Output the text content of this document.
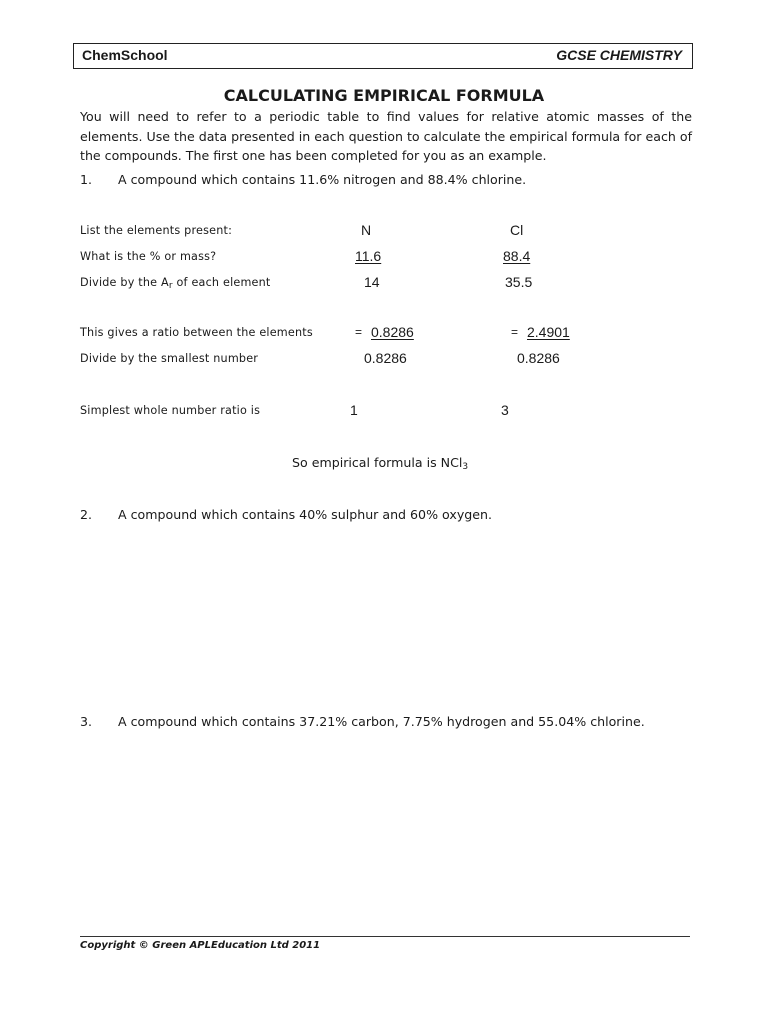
ChemSchool	GCSE CHEMISTRY
CALCULATING EMPIRICAL FORMULA
You will need to refer to a periodic table to find values for relative atomic masses of the elements. Use the data presented in each question to calculate the empirical formula for each of the compounds. The first one has been completed for you as an example.
1. A compound which contains 11.6% nitrogen and 88.4% chlorine.
List the elements present:	N	Cl
What is the % or mass?	11.6	88.4
Divide by the $A_r$ of each element	14	35.5
This gives a ratio between the elements	= 0.8286	= 2.4901
Divide by the smallest number	0.8286	0.8286
Simplest whole number ratio is	1	3
So empirical formula is NCl$_3$
2. A compound which contains 40% sulphur and 60% oxygen.
3. A compound which contains 37.21% carbon, 7.75% hydrogen and 55.04% chlorine.
Copyright © Green APLEducation Ltd 2011
